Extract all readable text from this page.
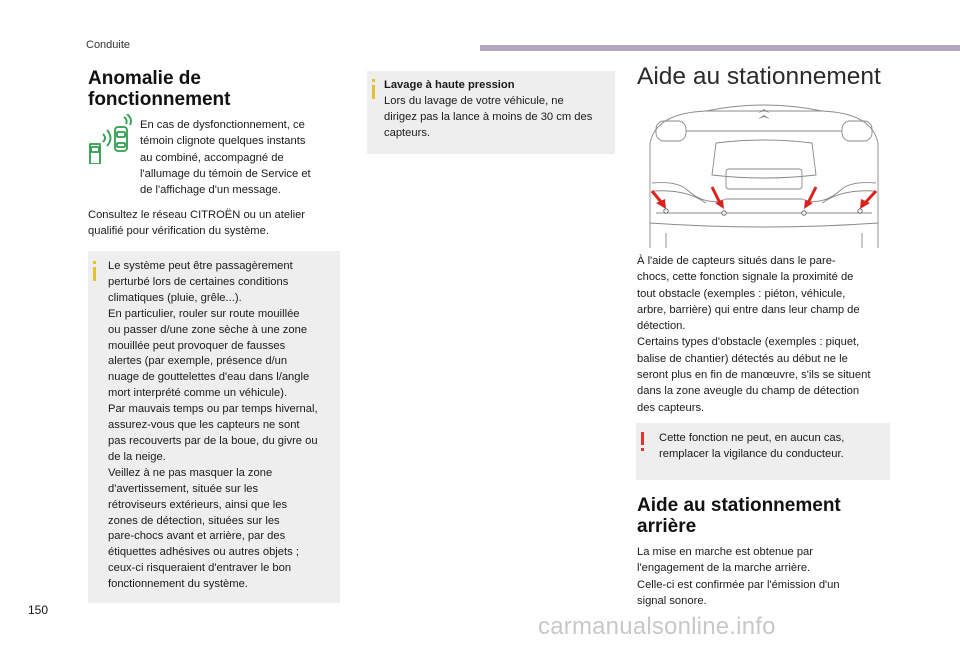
Conduite
Anomalie de
fonctionnement
En cas de dysfonctionnement, ce
témoin clignote quelques instants
au combiné, accompagné de
l'allumage du témoin de Service et
de l'affichage d'un message.
Consultez le réseau CITROËN ou un atelier
qualifié pour vérification du système.
Le système peut être passagèrement
perturbé lors de certaines conditions
climatiques (pluie, grêle...).
En particulier, rouler sur route mouillée
ou passer d/une zone sèche à une zone
mouillée peut provoquer de fausses
alertes (par exemple, présence d/un
nuage de gouttelettes d'eau dans l/angle
mort interprété comme un véhicule).
Par mauvais temps ou par temps hivernal,
assurez-vous que les capteurs ne sont
pas recouverts par de la boue, du givre ou
de la neige.
Veillez à ne pas masquer la zone
d'avertissement, située sur les
rétroviseurs extérieurs, ainsi que les
zones de détection, situées sur les
pare-chocs avant et arrière, par des
étiquettes adhésives ou autres objets ;
ceux-ci risqueraient d'entraver le bon
fonctionnement du système.
Lavage à haute pression
Lors du lavage de votre véhicule, ne
dirigez pas la lance à moins de 30 cm des
capteurs.
Aide au stationnement
À l'aide de capteurs situés dans le pare-
chocs, cette fonction signale la proximité de
tout obstacle (exemples : piéton, véhicule,
arbre, barrière) qui entre dans leur champ de
détection.
Certains types d'obstacle (exemples : piquet,
balise de chantier) détectés au début ne le
seront plus en fin de manœuvre, s'ils se situent
dans la zone aveugle du champ de détection
des capteurs.
Cette fonction ne peut, en aucun cas,
remplacer la vigilance du conducteur.
Aide au stationnement
arrière
La mise en marche est obtenue par
l'engagement de la marche arrière.
Celle-ci est confirmée par l'émission d'un
signal sonore.
150
carmanualsonline.info
